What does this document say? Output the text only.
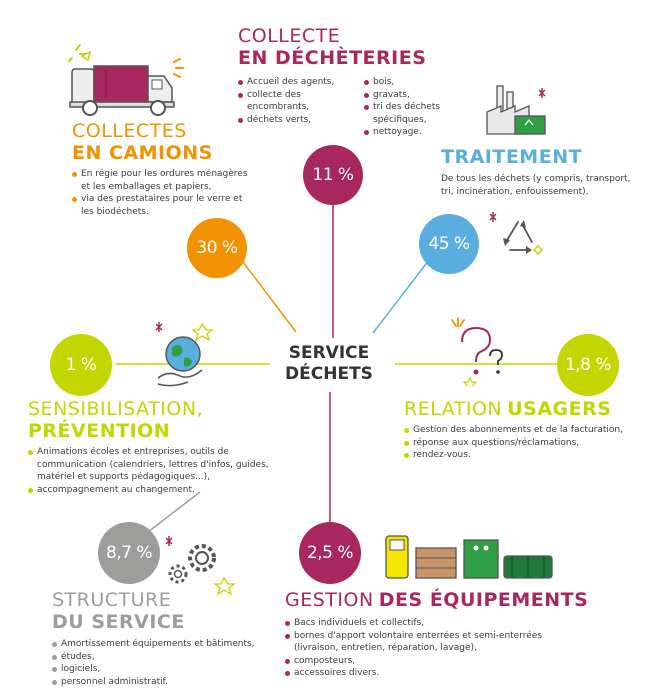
SERVICE
DÉCHETS
COLLECTE
EN DÉCHÈTERIES
Accueil des agents,
collecte des encombrants,
déchets verts,
bois,
gravats,
tri des déchets spécifiques,
nettoyage.
11 %
COLLECTES
EN CAMIONS
En régie pour les ordures ménagères et les emballages et papiers,
via des prestataires pour le verre et les biodéchets.
30 %
TRAITEMENT
De tous les déchets (y compris, transport, tri, incinération, enfouissement).
45 %
1 %
SENSIBILISATION,
PRÉVENTION
Animations écoles et entreprises, outils de communication (calendriers, lettres d'infos, guides, matériel et supports pédagogiques...),
accompagnement au changement.
1,8 %
RELATION USAGERS
Gestion des abonnements et de la facturation,
réponse aux questions/réclamations,
rendez-vous.
8,7 %
STRUCTURE
DU SERVICE
Amortissement équipements et bâtiments,
études,
logiciels,
personnel administratif.
2,5 %
GESTION DES ÉQUIPEMENTS
Bacs individuels et collectifs,
bornes d'apport volontaire enterrées et semi-enterrées (livraison, entretien, réparation, lavage),
composteurs,
accessoires divers.
